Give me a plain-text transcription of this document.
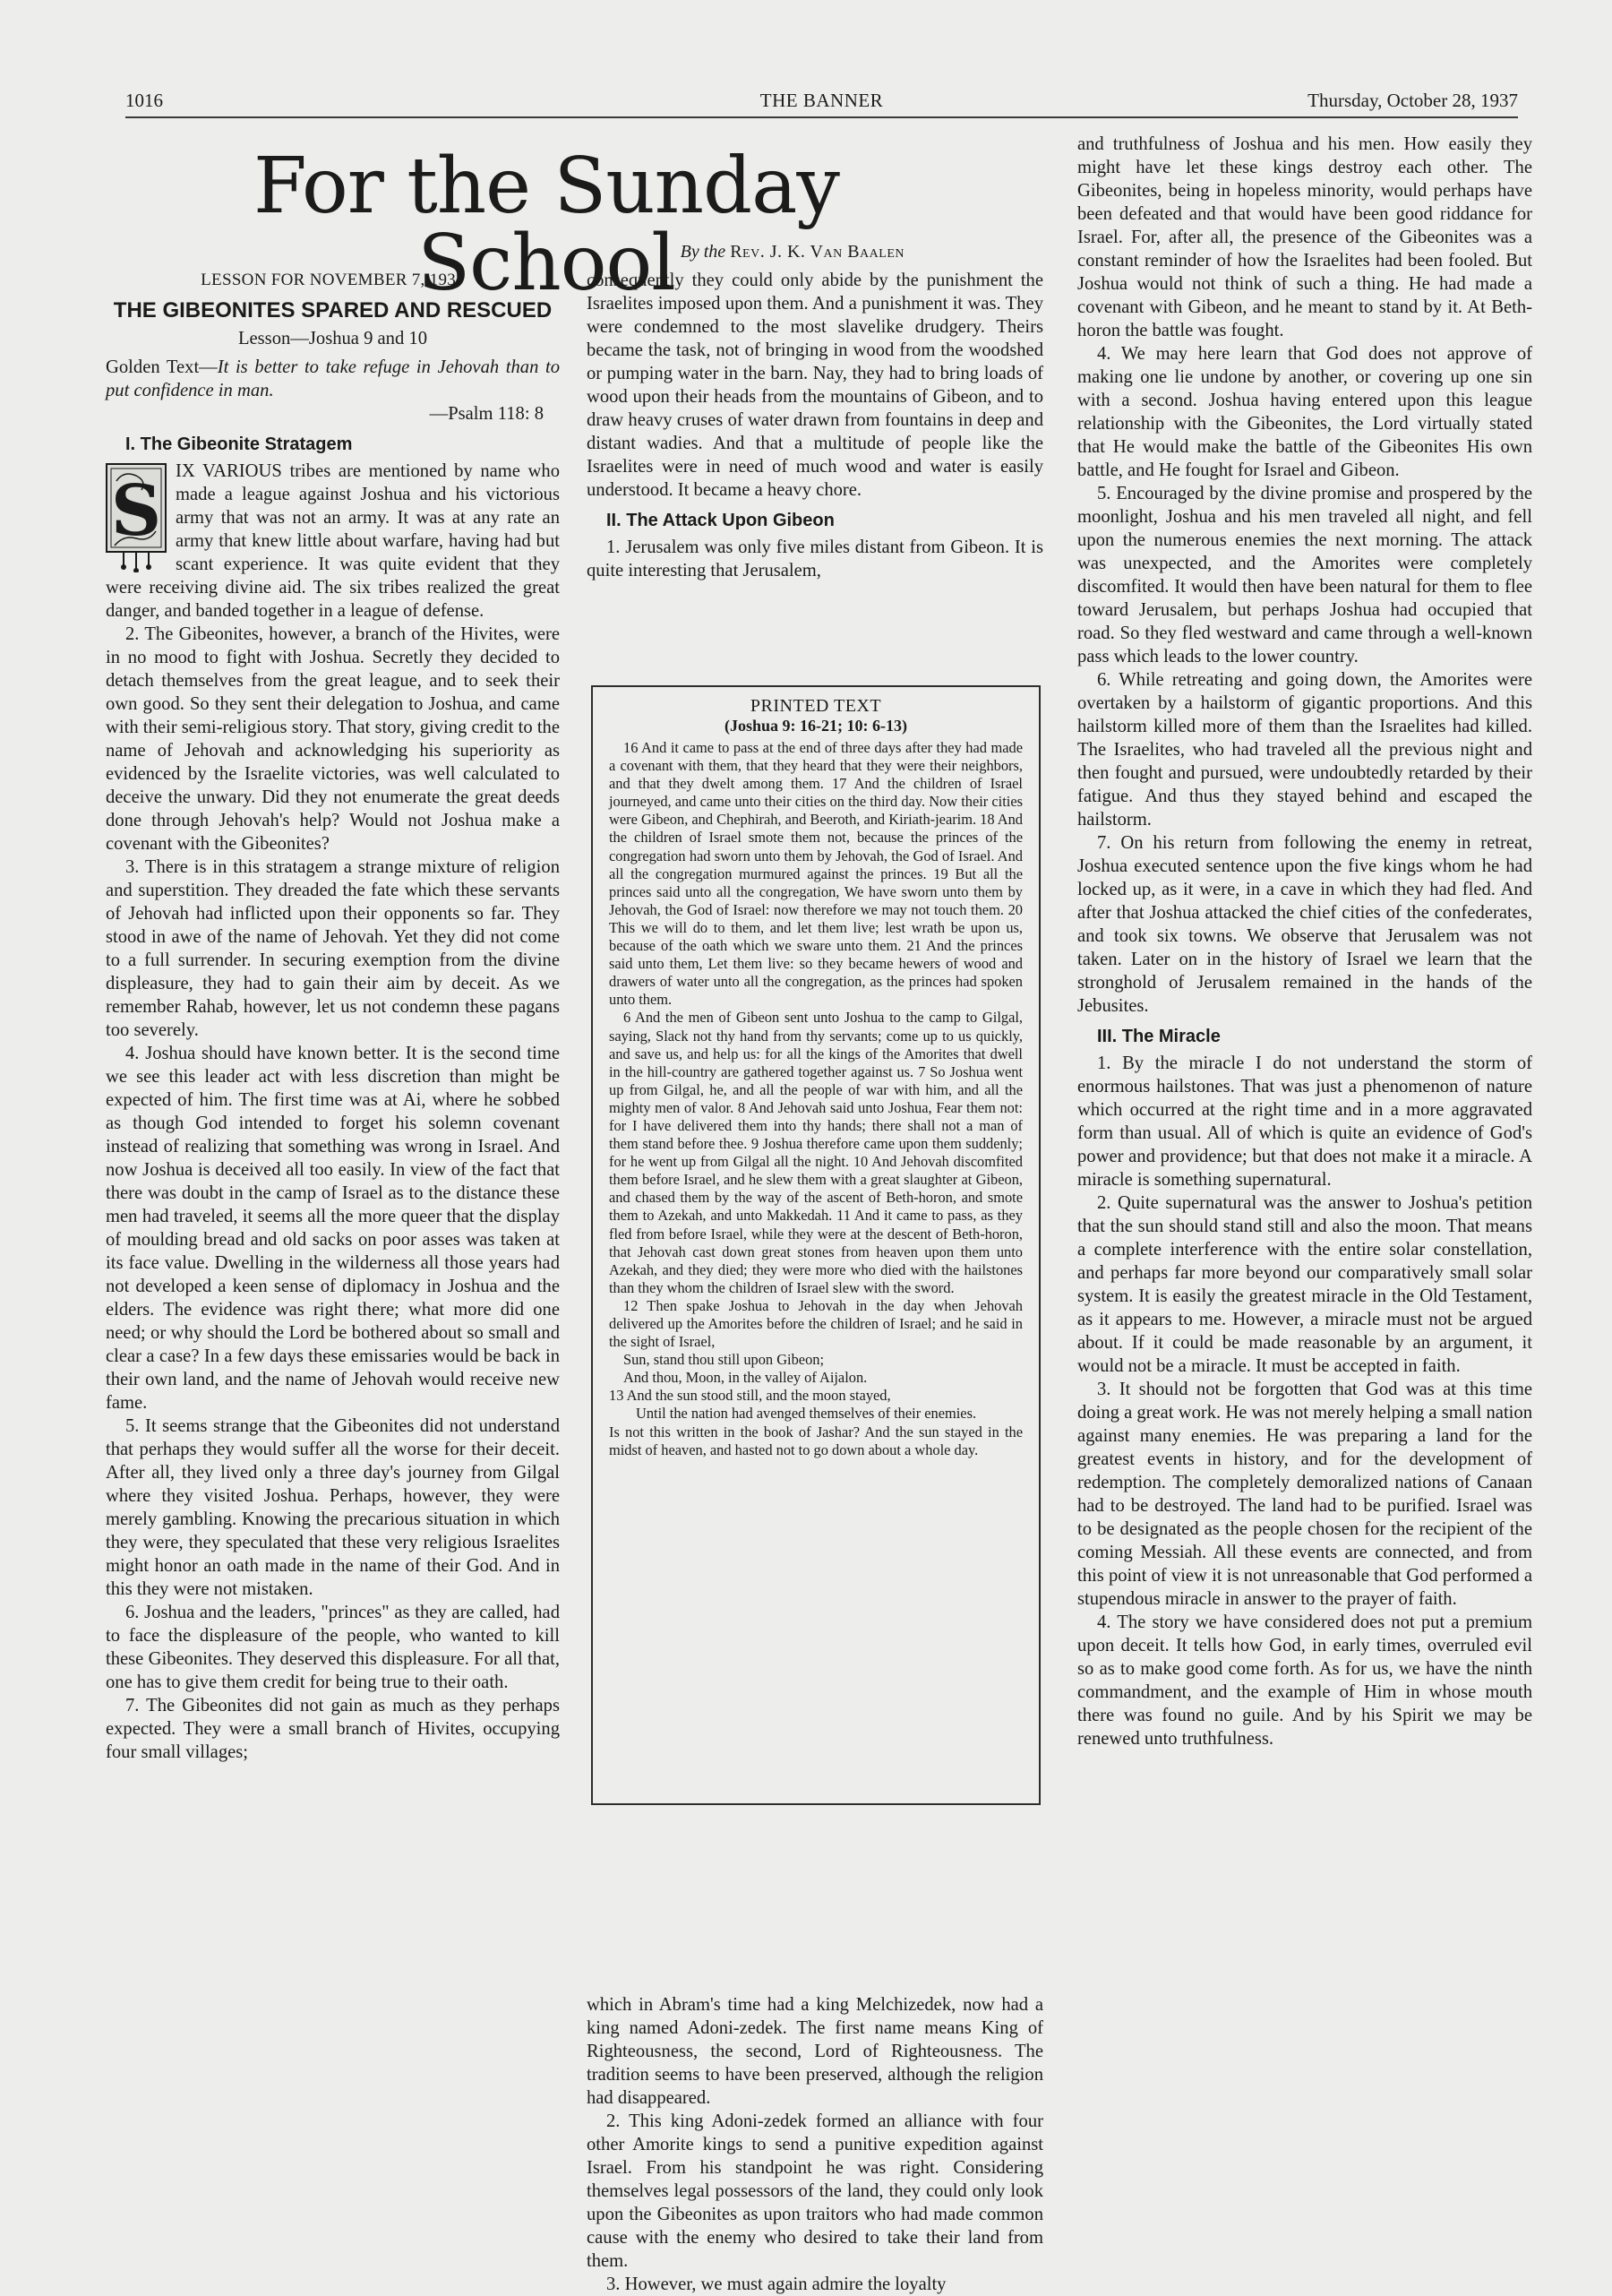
1016	THE BANNER	Thursday, October 28, 1937
For the Sunday School By the Rev. J. K. Van Baalen

LESSON FOR NOVEMBER 7, 1937

THE GIBEONITES SPARED AND RESCUED

Lesson—Joshua 9 and 10

Golden Text—It is better to take refuge in Jehovah than to put confidence in man.

—Psalm 118: 8

I. The Gibeonite Stratagem

S IX VARIOUS tribes are mentioned by name who made a league against Joshua and his victorious army that was not an army. It was at any rate an army that knew little about warfare, having had but scant experience. It was quite evident that they were receiving divine aid. The six tribes realized the great danger, and banded together in a league of defense.

2. The Gibeonites, however, a branch of the Hivites, were in no mood to fight with Joshua. Secretly they decided to detach themselves from the great league, and to seek their own good. So they sent their delegation to Joshua, and came with their semi-religious story. That story, giving credit to the name of Jehovah and acknowledging his superiority as evidenced by the Israelite victories, was well calculated to deceive the unwary. Did they not enumerate the great deeds done through Jehovah's help? Would not Joshua make a covenant with the Gibeonites?

3. There is in this stratagem a strange mixture of religion and superstition. They dreaded the fate which these servants of Jehovah had inflicted upon their opponents so far. They stood in awe of the name of Jehovah. Yet they did not come to a full surrender. In securing exemption from the divine displeasure, they had to gain their aim by deceit. As we remember Rahab, however, let us not condemn these pagans too severely.

4. Joshua should have known better. It is the second time we see this leader act with less discretion than might be expected of him. The first time was at Ai, where he sobbed as though God intended to forget his solemn covenant instead of realizing that something was wrong in Israel. And now Joshua is deceived all too easily. In view of the fact that there was doubt in the camp of Israel as to the distance these men had traveled, it seems all the more queer that the display of moulding bread and old sacks on poor asses was taken at its face value. Dwelling in the wilderness all those years had not developed a keen sense of diplomacy in Joshua and the elders. The evidence was right there; what more did one need; or why should the Lord be bothered about so small and clear a case? In a few days these emissaries would be back in their own land, and the name of Jehovah would receive new fame.

5. It seems strange that the Gibeonites did not understand that perhaps they would suffer all the worse for their deceit. After all, they lived only a three day's journey from Gilgal where they visited Joshua. Perhaps, however, they were merely gambling. Knowing the precarious situation in which they were, they speculated that these very religious Israelites might honor an oath made in the name of their God. And in this they were not mistaken.

6. Joshua and the leaders, "princes" as they are called, had to face the displeasure of the people, who wanted to kill these Gibeonites. They deserved this displeasure. For all that, one has to give them credit for being true to their oath.

7. The Gibeonites did not gain as much as they perhaps expected. They were a small branch of Hivites, occupying four small villages;

consequently they could only abide by the punishment the Israelites imposed upon them. And a punishment it was. They were condemned to the most slavelike drudgery. Theirs became the task, not of bringing in wood from the woodshed or pumping water in the barn. Nay, they had to bring loads of wood upon their heads from the mountains of Gibeon, and to draw heavy cruses of water drawn from fountains in deep and distant wadies. And that a multitude of people like the Israelites were in need of much wood and water is easily understood. It became a heavy chore.

II. The Attack Upon Gibeon

1. Jerusalem was only five miles distant from Gibeon. It is quite interesting that Jerusalem,

PRINTED TEXT

(Joshua 9: 16-21; 10: 6-13)

16 And it came to pass at the end of three days after they had made a covenant with them, that they heard that they were their neighbors, and that they dwelt among them. 17 And the children of Israel journeyed, and came unto their cities on the third day. Now their cities were Gibeon, and Chephirah, and Beeroth, and Kiriath-jearim. 18 And the children of Israel smote them not, because the princes of the congregation had sworn unto them by Jehovah, the God of Israel. And all the congregation murmured against the princes. 19 But all the princes said unto all the congregation, We have sworn unto them by Jehovah, the God of Israel: now therefore we may not touch them. 20 This we will do to them, and let them live; lest wrath be upon us, because of the oath which we sware unto them. 21 And the princes said unto them, Let them live: so they became hewers of wood and drawers of water unto all the congregation, as the princes had spoken unto them.

6 And the men of Gibeon sent unto Joshua to the camp to Gilgal, saying, Slack not thy hand from thy servants; come up to us quickly, and save us, and help us: for all the kings of the Amorites that dwell in the hill-country are gathered together against us. 7 So Joshua went up from Gilgal, he, and all the people of war with him, and all the mighty men of valor. 8 And Jehovah said unto Joshua, Fear them not: for I have delivered them into thy hands; there shall not a man of them stand before thee. 9 Joshua therefore came upon them suddenly; for he went up from Gilgal all the night. 10 And Jehovah discomfited them before Israel, and he slew them with a great slaughter at Gibeon, and chased them by the way of the ascent of Beth-horon, and smote them to Azekah, and unto Makkedah. 11 And it came to pass, as they fled from before Israel, while they were at the descent of Beth-horon, that Jehovah cast down great stones from heaven upon them unto Azekah, and they died; they were more who died with the hailstones than they whom the children of Israel slew with the sword.

12 Then spake Joshua to Jehovah in the day when Jehovah delivered up the Amorites before the children of Israel; and he said in the sight of Israel,

Sun, stand thou still upon Gibeon;

And thou, Moon, in the valley of Aijalon.

13 And the sun stood still, and the moon stayed,

Until the nation had avenged themselves of their enemies.

Is not this written in the book of Jashar? And the sun stayed in the midst of heaven, and hasted not to go down about a whole day.

which in Abram's time had a king Melchizedek, now had a king named Adoni-zedek. The first name means King of Righteousness, the second, Lord of Righteousness. The tradition seems to have been preserved, although the religion had disappeared.

2. This king Adoni-zedek formed an alliance with four other Amorite kings to send a punitive expedition against Israel. From his standpoint he was right. Considering themselves legal possessors of the land, they could only look upon the Gibeonites as upon traitors who had made common cause with the enemy who desired to take their land from them.

3. However, we must again admire the loyalty

and truthfulness of Joshua and his men. How easily they might have let these kings destroy each other. The Gibeonites, being in hopeless minority, would perhaps have been defeated and that would have been good riddance for Israel. For, after all, the presence of the Gibeonites was a constant reminder of how the Israelites had been fooled. But Joshua would not think of such a thing. He had made a covenant with Gibeon, and he meant to stand by it. At Beth-horon the battle was fought.

4. We may here learn that God does not approve of making one lie undone by another, or covering up one sin with a second. Joshua having entered upon this league relationship with the Gibeonites, the Lord virtually stated that He would make the battle of the Gibeonites His own battle, and He fought for Israel and Gibeon.

5. Encouraged by the divine promise and prospered by the moonlight, Joshua and his men traveled all night, and fell upon the numerous enemies the next morning. The attack was unexpected, and the Amorites were completely discomfited. It would then have been natural for them to flee toward Jerusalem, but perhaps Joshua had occupied that road. So they fled westward and came through a well-known pass which leads to the lower country.

6. While retreating and going down, the Amorites were overtaken by a hailstorm of gigantic proportions. And this hailstorm killed more of them than the Israelites had killed. The Israelites, who had traveled all the previous night and then fought and pursued, were undoubtedly retarded by their fatigue. And thus they stayed behind and escaped the hailstorm.

7. On his return from following the enemy in retreat, Joshua executed sentence upon the five kings whom he had locked up, as it were, in a cave in which they had fled. And after that Joshua attacked the chief cities of the confederates, and took six towns. We observe that Jerusalem was not taken. Later on in the history of Israel we learn that the stronghold of Jerusalem remained in the hands of the Jebusites.

III. The Miracle

1. By the miracle I do not understand the storm of enormous hailstones. That was just a phenomenon of nature which occurred at the right time and in a more aggravated form than usual. All of which is quite an evidence of God's power and providence; but that does not make it a miracle. A miracle is something supernatural.

2. Quite supernatural was the answer to Joshua's petition that the sun should stand still and also the moon. That means a complete interference with the entire solar constellation, and perhaps far more beyond our comparatively small solar system. It is easily the greatest miracle in the Old Testament, as it appears to me. However, a miracle must not be argued about. If it could be made reasonable by an argument, it would not be a miracle. It must be accepted in faith.

3. It should not be forgotten that God was at this time doing a great work. He was not merely helping a small nation against many enemies. He was preparing a land for the greatest events in history, and for the development of redemption. The completely demoralized nations of Canaan had to be destroyed. The land had to be purified. Israel was to be designated as the people chosen for the recipient of the coming Messiah. All these events are connected, and from this point of view it is not unreasonable that God performed a stupendous miracle in answer to the prayer of faith.

4. The story we have considered does not put a premium upon deceit. It tells how God, in early times, overruled evil so as to make good come forth. As for us, we have the ninth commandment, and the example of Him in whose mouth there was found no guile. And by his Spirit we may be renewed unto truthfulness.
